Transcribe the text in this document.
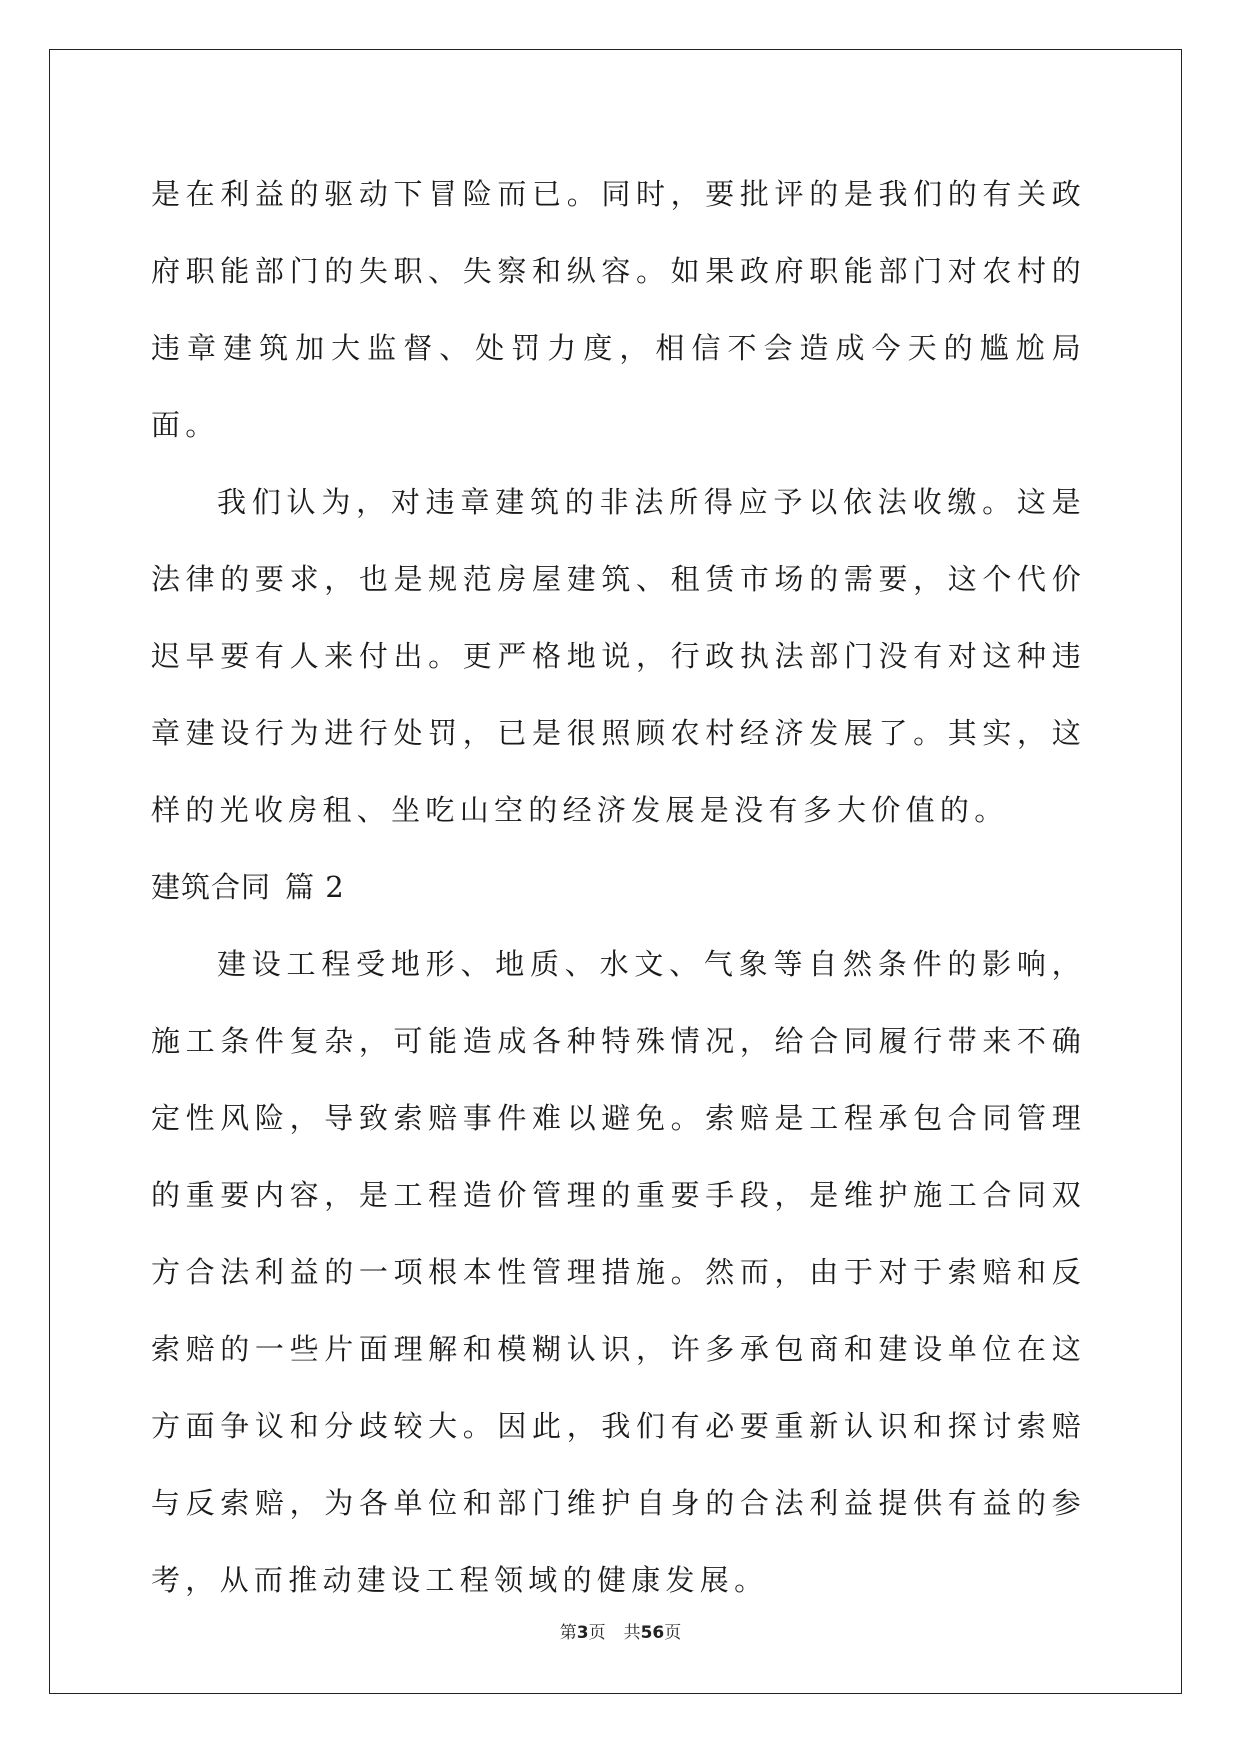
是在利益的驱动下冒险而已。同时，要批评的是我们的有关政府职能部门的失职、失察和纵容。如果政府职能部门对农村的违章建筑加大监督、处罚力度，相信不会造成今天的尴尬局面。

我们认为，对违章建筑的非法所得应予以依法收缴。这是法律的要求，也是规范房屋建筑、租赁市场的需要，这个代价迟早要有人来付出。更严格地说，行政执法部门没有对这种违章建设行为进行处罚，已是很照顾农村经济发展了。其实，这样的光收房租、坐吃山空的经济发展是没有多大价值的。

建筑合同 篇 2

建设工程受地形、地质、水文、气象等自然条件的影响，施工条件复杂，可能造成各种特殊情况，给合同履行带来不确定性风险，导致索赔事件难以避免。索赔是工程承包合同管理的重要内容，是工程造价管理的重要手段，是维护施工合同双方合法利益的一项根本性管理措施。然而，由于对于索赔和反索赔的一些片面理解和模糊认识，许多承包商和建设单位在这方面争议和分歧较大。因此，我们有必要重新认识和探讨索赔与反索赔，为各单位和部门维护自身的合法利益提供有益的参考，从而推动建设工程领域的健康发展。

第3页 共56页
